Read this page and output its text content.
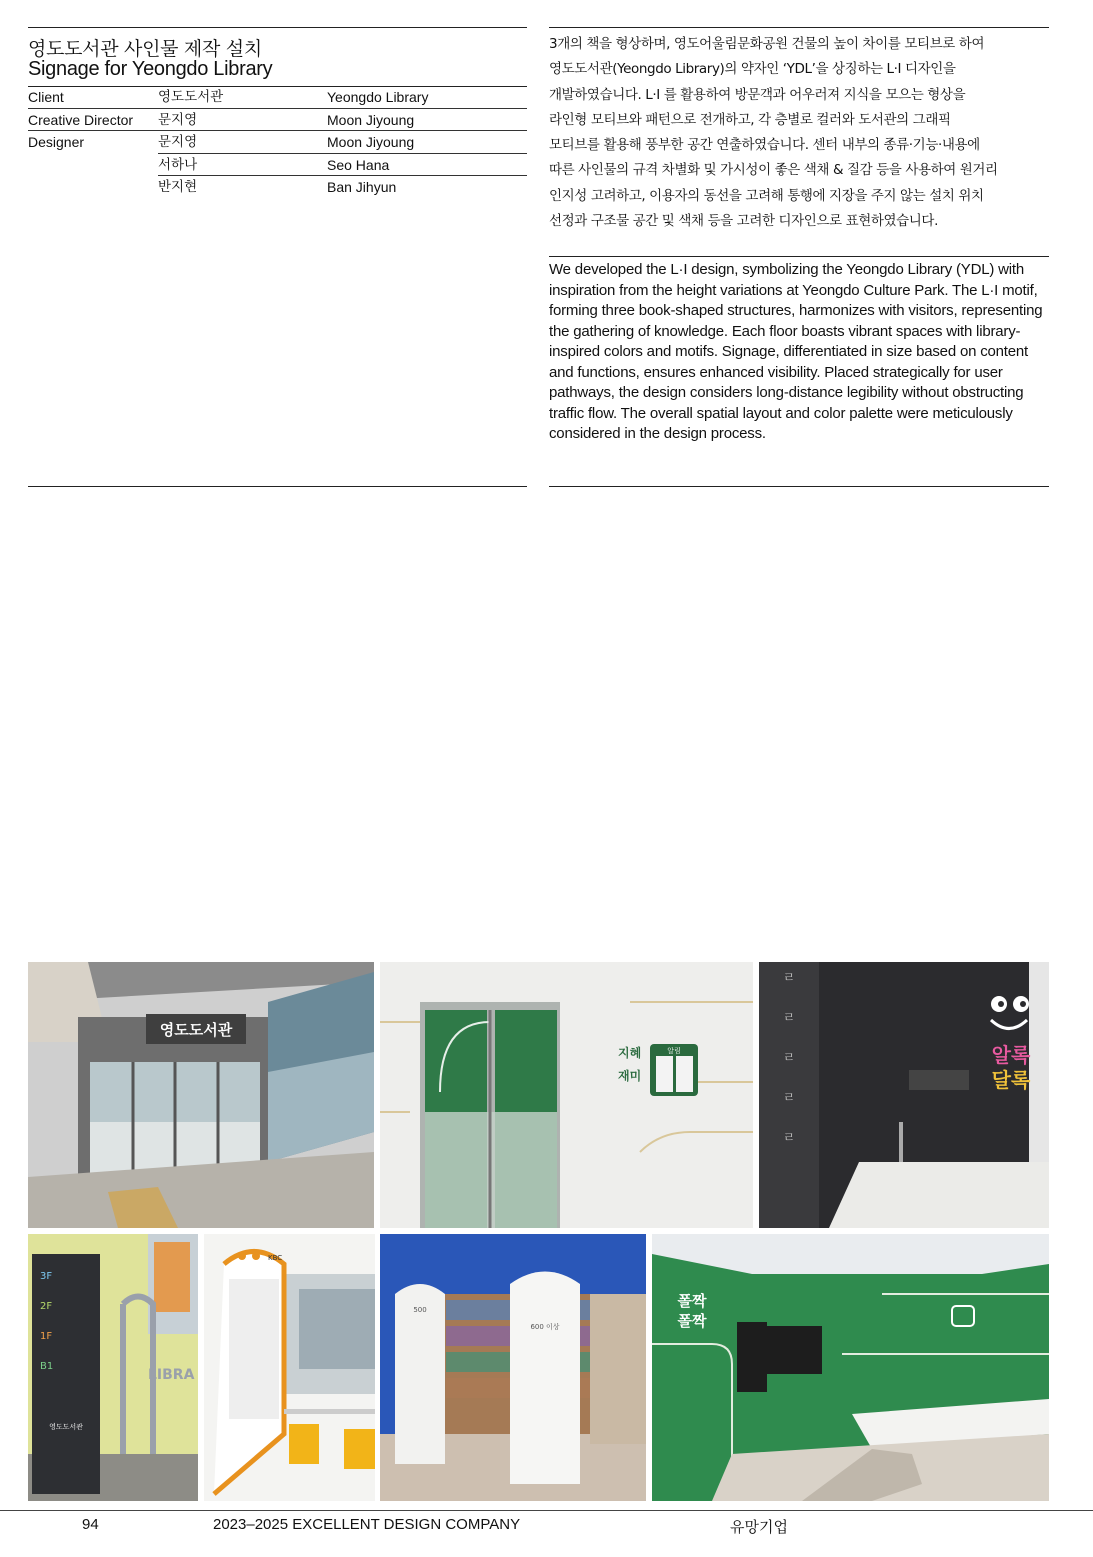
영도도서관 사인물 제작 설치
Signage for Yeongdo Library
Client	영도도서관	Yeongdo Library
Creative Director 문지영	Moon Jiyoung
Designer	문지영	Moon Jiyoung
서하나	Seo Hana
반지현	Ban Jihyun
3개의 책을 형상하며, 영도어울림문화공원 건물의 높이 차이를 모티브로 하여
영도도서관(Yeongdo Library)의 약자인 ‘YDL’을 상징하는 L·I 디자인을
개발하였습니다. L·I 를 활용하여 방문객과 어우러져 지식을 모으는 형상을
라인형 모티브와 패턴으로 전개하고, 각 층별로 컬러와 도서관의 그래픽
모티브를 활용해 풍부한 공간 연출하였습니다. 센터 내부의 종류·기능·내용에
따른 사인물의 규격 차별화 및 가시성이 좋은 색채 & 질감 등을 사용하여 원거리
인지성 고려하고, 이용자의 동선을 고려해 통행에 지장을 주지 않는 설치 위치
선정과 구조물 공간 및 색채 등을 고려한 디자인으로 표현하였습니다.
We developed the L·I design, symbolizing the Yeongdo Library (YDL) with inspiration from the height variations at Yeongdo Culture Park. The L·I motif, forming three book-shaped structures, harmonizes with visitors, representing the gathering of knowledge. Each floor boasts vibrant spaces with library-inspired colors and motifs. Signage, differentiated in size based on content and functions, ensures enhanced visibility. Placed strategically for user pathways, the design considers long-distance legibility without obstructing traffic flow. The overall spatial layout and color palette were meticulously considered in the design process.
영도도서관
지혜
재미
알림
ㄹ
ㄹ
ㄹ
ㄹ
ㄹ
알록
달록
LIBRA
3F
2F
1F
B1
영도도서관
KBC
500
600 이상
폴짝
폴짝
94	2023–2025 EXCELLENT DESIGN COMPANY	유망기업
